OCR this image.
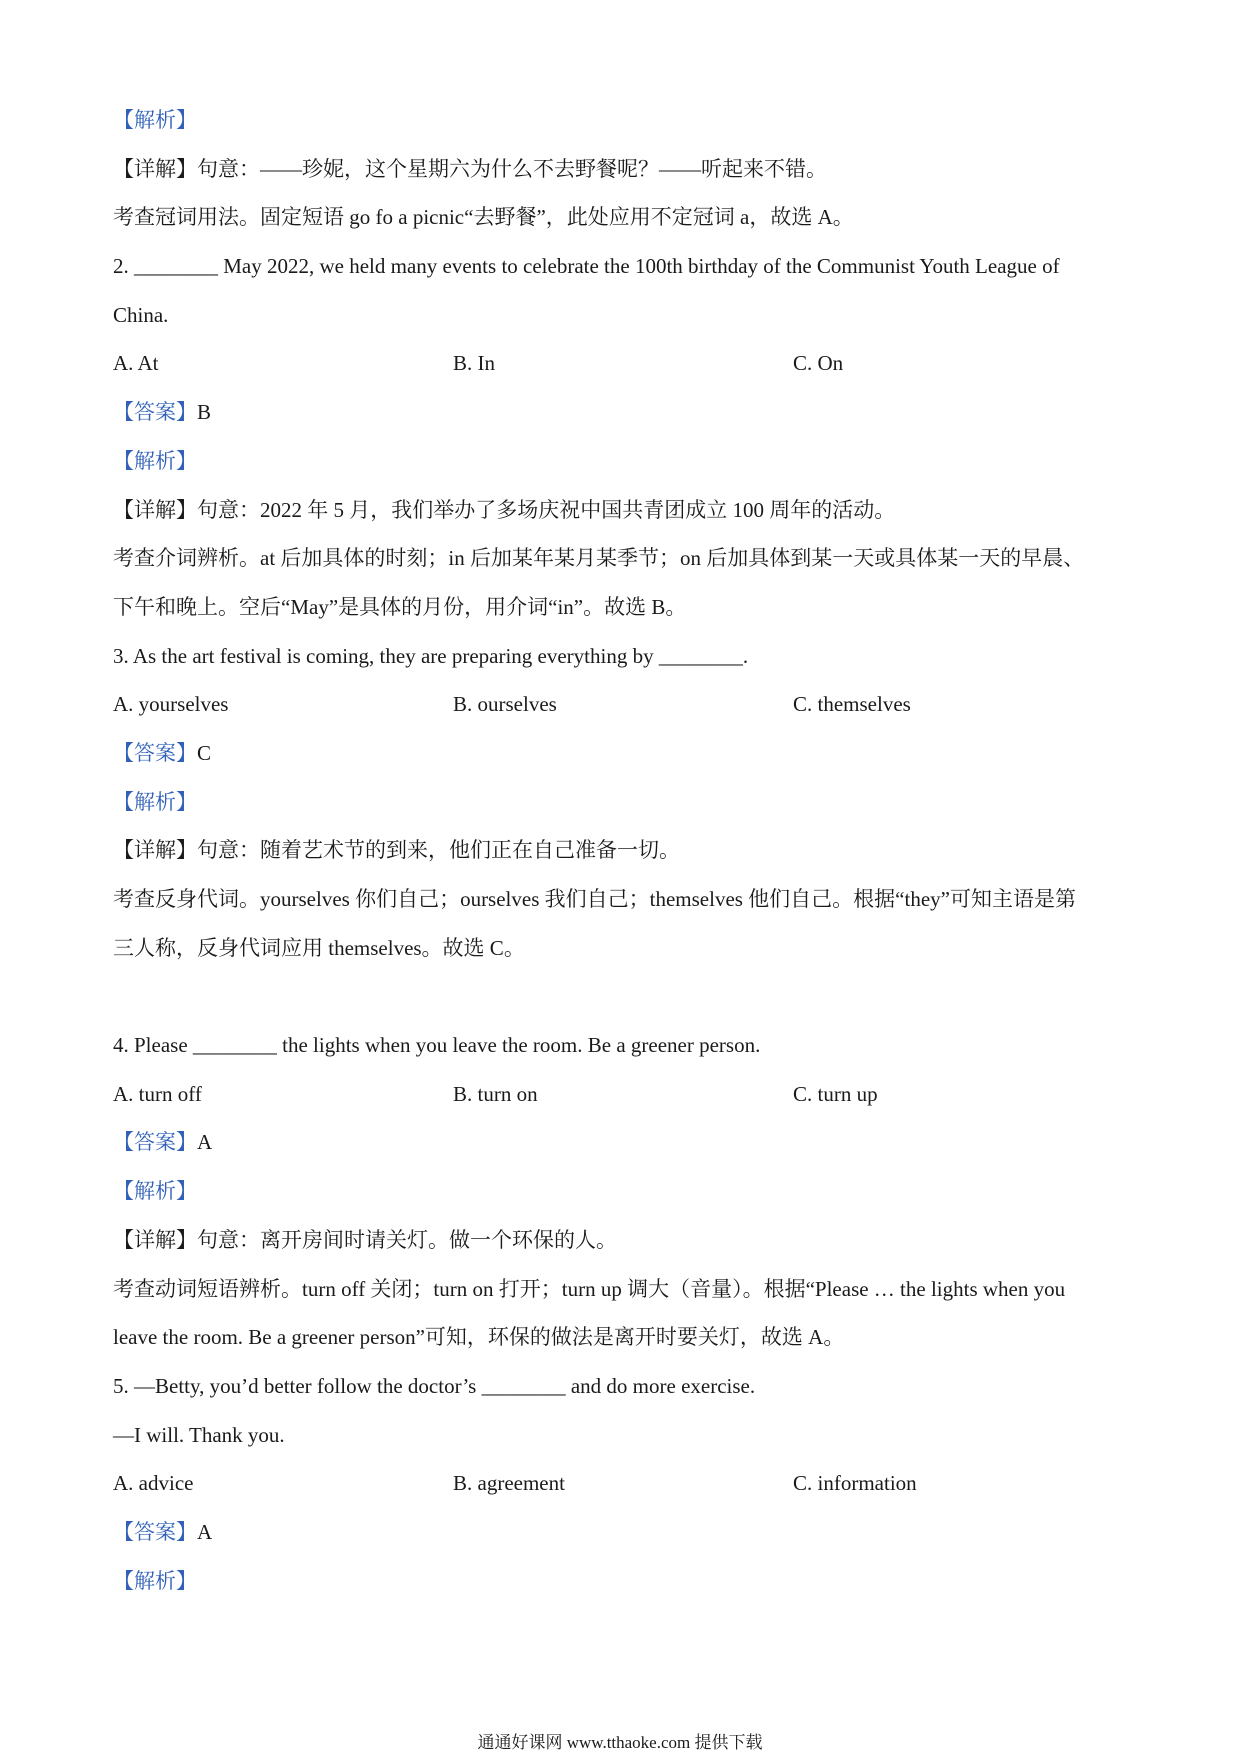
【解析】
【详解】句意：——珍妮，这个星期六为什么不去野餐呢？——听起来不错。
考查冠词用法。固定短语 go fo a picnic“去野餐”，此处应用不定冠词 a，故选 A。
2. ________ May 2022, we held many events to celebrate the 100th birthday of the Communist Youth League of
China.
A. At	B. In	C. On
【答案】B
【解析】
【详解】句意：2022 年 5 月，我们举办了多场庆祝中国共青团成立 100 周年的活动。
考查介词辨析。at 后加具体的时刻；in 后加某年某月某季节；on 后加具体到某一天或具体某一天的早晨、
下午和晚上。空后“May”是具体的月份，用介词“in”。故选 B。
3. As the art festival is coming, they are preparing everything by ________.
A. yourselves	B. ourselves	C. themselves
【答案】C
【解析】
【详解】句意：随着艺术节的到来，他们正在自己准备一切。
考查反身代词。yourselves 你们自己；ourselves 我们自己；themselves 他们自己。根据“they”可知主语是第
三人称，反身代词应用 themselves。故选 C。
4. Please ________ the lights when you leave the room. Be a greener person.
A. turn off	B. turn on	C. turn up
【答案】A
【解析】
【详解】句意：离开房间时请关灯。做一个环保的人。
考查动词短语辨析。turn off 关闭；turn on 打开；turn up 调大（音量）。根据“Please … the lights when you
leave the room. Be a greener person”可知，环保的做法是离开时要关灯，故选 A。
5. —Betty, you’d better follow the doctor’s ________ and do more exercise.
—I will. Thank you.
A. advice	B. agreement	C. information
【答案】A
【解析】
通通好课网 www.tthaoke.com 提供下载
